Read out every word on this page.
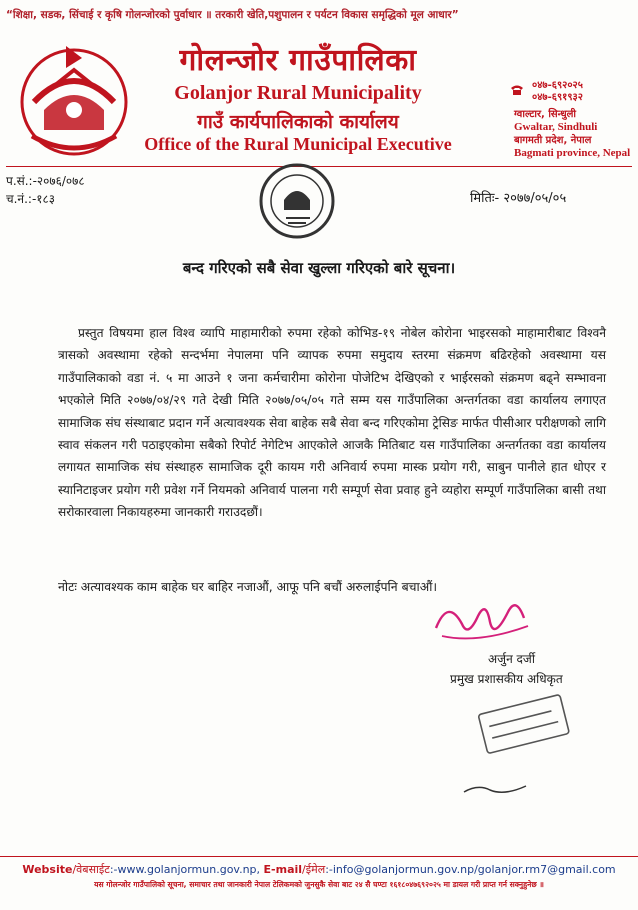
“शिक्षा, सडक, सिंचाई र कृषि गोलन्जोरको पुर्वाधार ॥ तरकारी खेति,पशुपालन र पर्यटन विकास समृद्धिको मूल आधार”
गोलन्जोर गाउँपालिका
Golanjor Rural Municipality
गाउँ कार्यपालिकाको कार्यालय
Office of the Rural Municipal Executive
०४७-६९२०२५
०४७-६९१९३२
ग्वाल्टार, सिन्धुली
Gwaltar, Sindhuli
बागमती प्रदेश, नेपाल
Bagmati province, Nepal
प.सं.:-२०७६/०७८
च.नं.:-१८३	मितिः- २०७७/०५/०५
बन्द गरिएको सबै सेवा खुल्ला गरिएको बारे सूचना।

प्रस्तुत विषयमा हाल विश्व व्यापि माहामारीको रुपमा रहेको कोभिड-१९ नोबेल कोरोना भाइरसको माहामारीबाट विश्वनै त्रासको अवस्थामा रहेको सन्दर्भमा नेपालमा पनि व्यापक रुपमा समुदाय स्तरमा संक्रमण बढिरहेको अवस्थामा यस गाउँपालिकाको वडा नं. ५ मा आउने १ जना कर्मचारीमा कोरोना पोजेटिभ देखिएको र भाईरसको संक्रमण बढ्ने सम्भावना भएकोले मिति २०७७/०४/२९ गते देखी मिति २०७७/०५/०५ गते सम्म यस गाउँपालिका अन्तर्गतका वडा कार्यालय लगाएत सामाजिक संघ संस्थाबाट प्रदान गर्ने अत्यावश्यक सेवा बाहेक सबै सेवा बन्द गरिएकोमा ट्रेसिङ मार्फत पीसीआर परीक्षणको लागि स्वाव संकलन गरी पठाइएकोमा सबैको रिपोर्ट नेगेटिभ आएकोले आजकै मितिबाट यस गाउँपालिका अन्तर्गतका वडा कार्यालय लगायत सामाजिक संघ संस्थाहरु सामाजिक दूरी कायम गरी अनिवार्य रुपमा मास्क प्रयोग गरी, साबुन पानीले हात धोएर र स्यानिटाइजर प्रयोग गरी प्रवेश गर्ने नियमको अनिवार्य पालना गरी सम्पूर्ण सेवा प्रवाह हुने व्यहोरा सम्पूर्ण गाउँपालिका बासी तथा सरोकारवाला निकायहरुमा जानकारी गराउदछौं।

नोटः अत्यावश्यक काम बाहेक घर बाहिर नजाऔं, आफू पनि बचौं अरुलाईपनि बचाऔं।
अर्जुन दर्जी
प्रमुख प्रशासकीय अधिकृत
Website/वेबसाईट:-www.golanjormun.gov.np, E-mail/ईमेल:-info@golanjormun.gov.np/golanjor.rm7@gmail.com
यस गोलन्जोर गाउँपालिको सूचना, समाचार तथा जानकारी नेपाल टेलिकमको जुनसुकै सेवा बाट २४ सै घण्टा १६१८०४७६९२०२५ मा डायल गरी प्राप्त गर्न सक्नुहुनेछ ॥
